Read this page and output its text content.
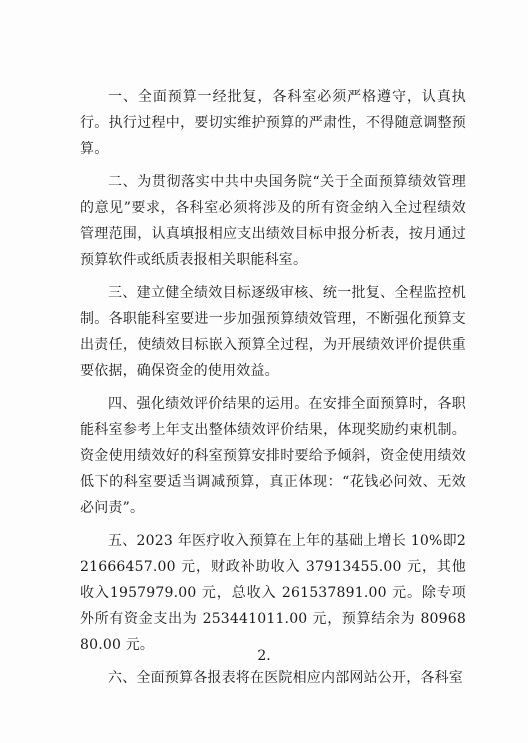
一、全面预算一经批复，各科室必须严格遵守，认真执行。执行过程中，要切实维护预算的严肃性，不得随意调整预算。

二、为贯彻落实中共中央国务院“关于全面预算绩效管理的意见”要求，各科室必须将涉及的所有资金纳入全过程绩效管理范围，认真填报相应支出绩效目标申报分析表，按月通过预算软件或纸质表报相关职能科室。

三、建立健全绩效目标逐级审核、统一批复、全程监控机制。各职能科室要进一步加强预算绩效管理，不断强化预算支出责任，使绩效目标嵌入预算全过程，为开展绩效评价提供重要依据，确保资金的使用效益。

四、强化绩效评价结果的运用。在安排全面预算时，各职能科室参考上年支出整体绩效评价结果，体现奖励约束机制。资金使用绩效好的科室预算安排时要给予倾斜，资金使用绩效低下的科室要适当调减预算，真正体现：“花钱必问效、无效必问责”。

五、2023 年医疗收入预算在上年的基础上增长 10%即221666457.00 元，财政补助收入 37913455.00 元，其他收入1957979.00 元，总收入 261537891.00 元。除专项外所有资金支出为 253441011.00 元，预算结余为 8096880.00 元。

六、全面预算各报表将在医院相应内部网站公开，各科室

2.
